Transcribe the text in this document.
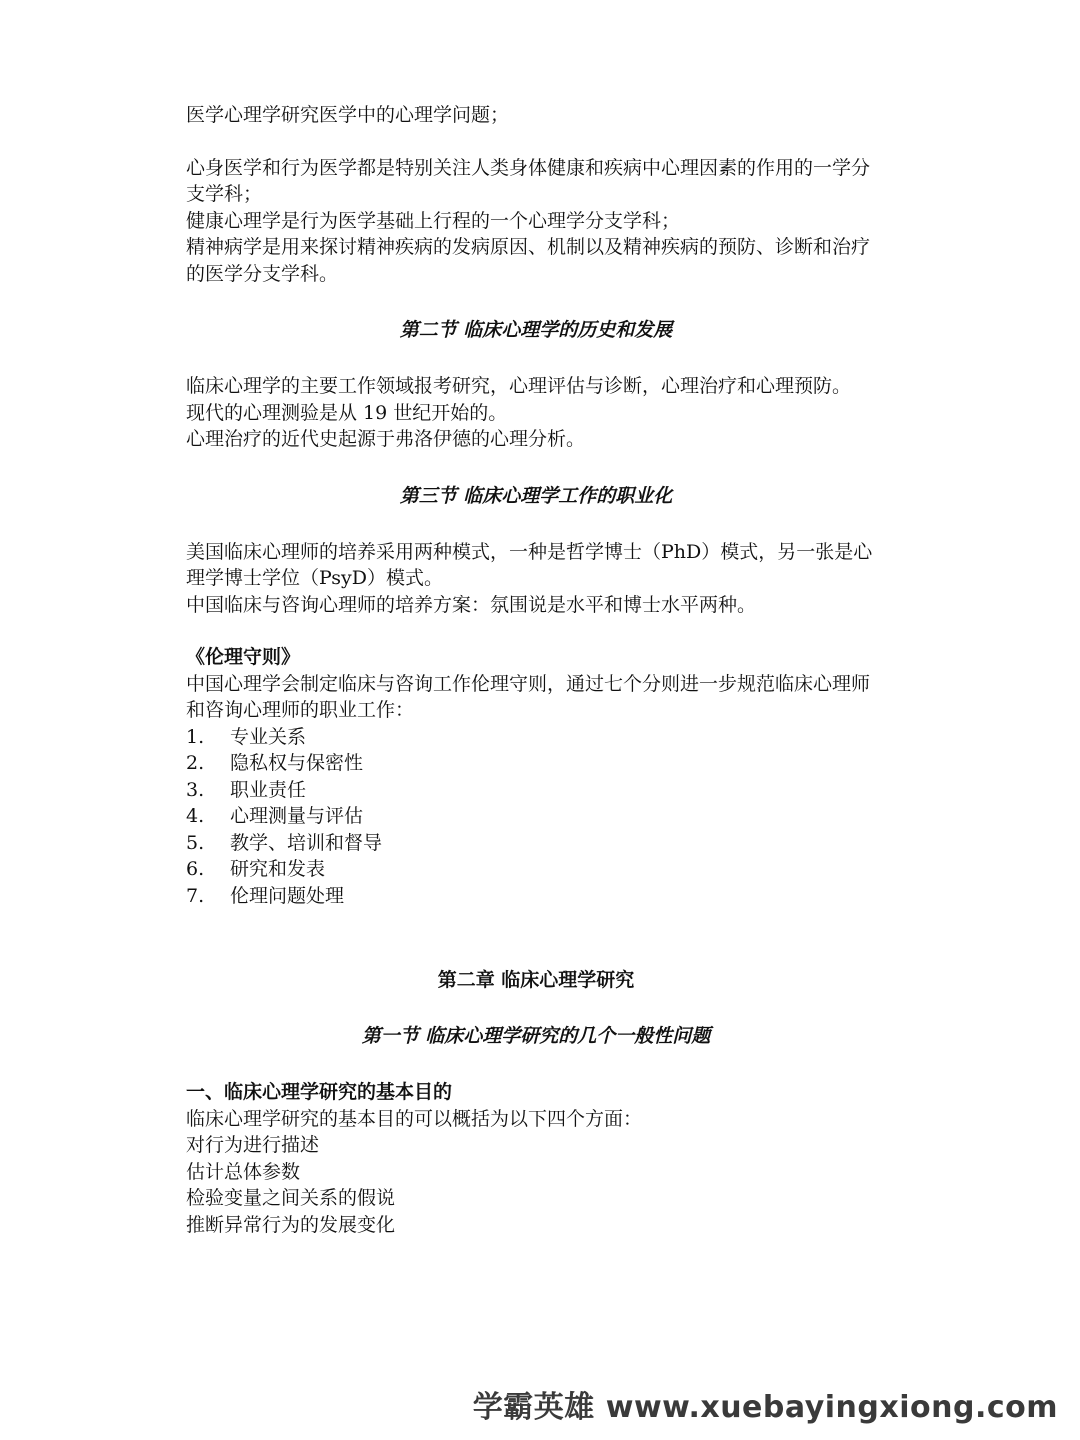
医学心理学研究医学中的心理学问题；

心身医学和行为医学都是特别关注人类身体健康和疾病中心理因素的作用的一学分支学科；

健康心理学是行为医学基础上行程的一个心理学分支学科；

精神病学是用来探讨精神疾病的发病原因、机制以及精神疾病的预防、诊断和治疗的医学分支学科。

第二节 临床心理学的历史和发展

临床心理学的主要工作领域报考研究，心理评估与诊断，心理治疗和心理预防。

现代的心理测验是从 19 世纪开始的。

心理治疗的近代史起源于弗洛伊德的心理分析。

第三节 临床心理学工作的职业化

美国临床心理师的培养采用两种模式，一种是哲学博士（PhD）模式，另一张是心理学博士学位（PsyD）模式。

中国临床与咨询心理师的培养方案：氛围说是水平和博士水平两种。

《伦理守则》

中国心理学会制定临床与咨询工作伦理守则，通过七个分则进一步规范临床心理师和咨询心理师的职业工作：

1.	专业关系
2.	隐私权与保密性
3.	职业责任
4.	心理测量与评估
5.	教学、培训和督导
6.	研究和发表
7.	伦理问题处理

第二章 临床心理学研究

第一节 临床心理学研究的几个一般性问题

一、临床心理学研究的基本目的

临床心理学研究的基本目的可以概括为以下四个方面：

对行为进行描述

估计总体参数

检验变量之间关系的假说

推断异常行为的发展变化

学霸英雄 www.xuebayingxiong.com
